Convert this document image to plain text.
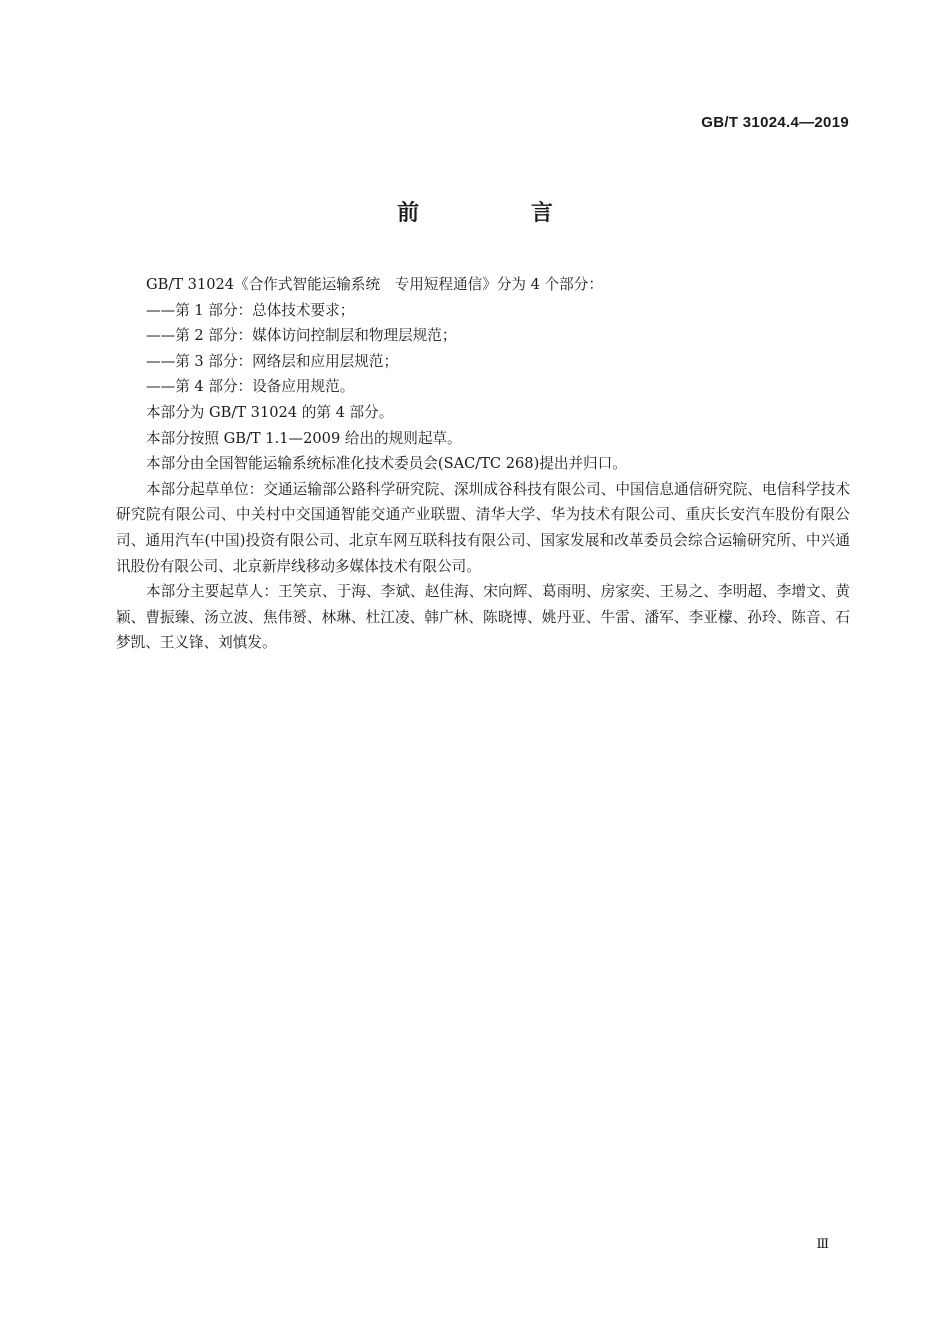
GB/T 31024.4—2019
前 言

GB/T 31024《合作式智能运输系统　专用短程通信》分为 4 个部分：

——第 1 部分：总体技术要求；

——第 2 部分：媒体访问控制层和物理层规范；

——第 3 部分：网络层和应用层规范；

——第 4 部分：设备应用规范。

本部分为 GB/T 31024 的第 4 部分。

本部分按照 GB/T 1.1—2009 给出的规则起草。

本部分由全国智能运输系统标准化技术委员会(SAC/TC 268)提出并归口。

本部分起草单位：交通运输部公路科学研究院、深圳成谷科技有限公司、中国信息通信研究院、电信科学技术研究院有限公司、中关村中交国通智能交通产业联盟、清华大学、华为技术有限公司、重庆长安汽车股份有限公司、通用汽车(中国)投资有限公司、北京车网互联科技有限公司、国家发展和改革委员会综合运输研究所、中兴通讯股份有限公司、北京新岸线移动多媒体技术有限公司。

本部分主要起草人：王笑京、于海、李斌、赵佳海、宋向辉、葛雨明、房家奕、王易之、李明超、李增文、黄颖、曹振臻、汤立波、焦伟赟、林琳、杜江凌、韩广林、陈晓博、姚丹亚、牛雷、潘军、李亚檬、孙玲、陈音、石梦凯、王义锋、刘慎发。

Ⅲ
